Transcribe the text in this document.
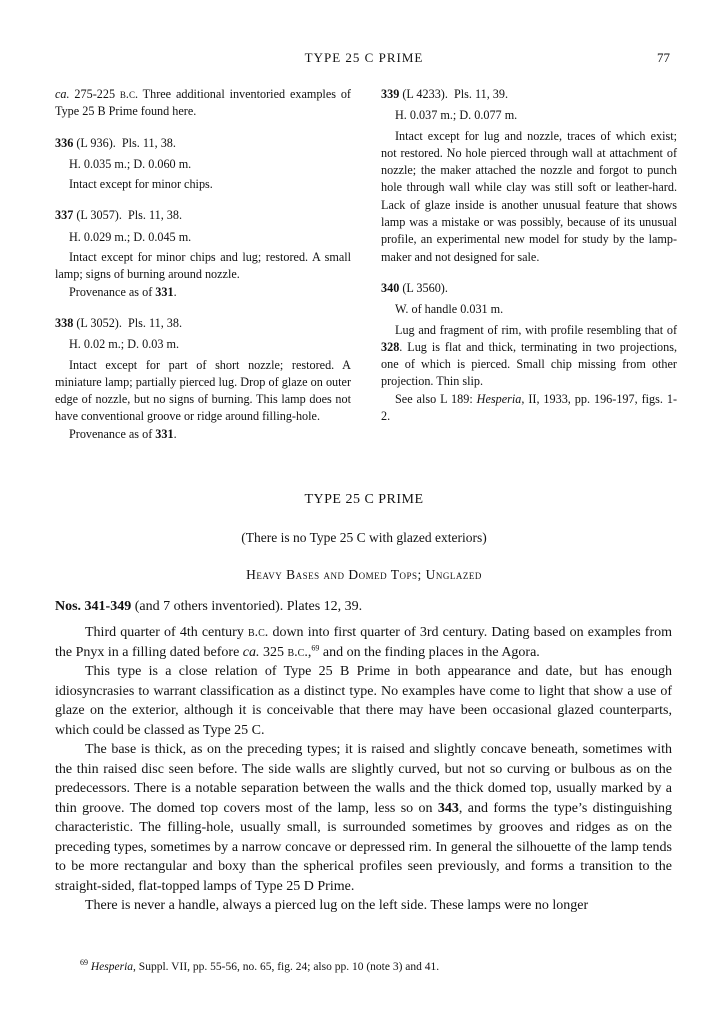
TYPE 25 C PRIME	77

ca. 275-225 b.c. Three additional inventoried examples of Type 25 B Prime found here.

336 (L 936). Pls. 11, 38.

H. 0.035 m.; D. 0.060 m.

Intact except for minor chips.

337 (L 3057). Pls. 11, 38.

H. 0.029 m.; D. 0.045 m.

Intact except for minor chips and lug; restored. A small lamp; signs of burning around nozzle.

Provenance as of 331.

338 (L 3052). Pls. 11, 38.

H. 0.02 m.; D. 0.03 m.

Intact except for part of short nozzle; restored. A miniature lamp; partially pierced lug. Drop of glaze on outer edge of nozzle, but no signs of burning. This lamp does not have conventional groove or ridge around filling-hole.

Provenance as of 331.

339 (L 4233). Pls. 11, 39.

H. 0.037 m.; D. 0.077 m.

Intact except for lug and nozzle, traces of which exist; not restored. No hole pierced through wall at attachment of nozzle; the maker attached the nozzle and forgot to punch hole through wall while clay was still soft or leather-hard. Lack of glaze inside is another unusual feature that shows lamp was a mistake or was possibly, because of its unusual profile, an experimental new model for study by the lamp-maker and not designed for sale.

340 (L 3560).

W. of handle 0.031 m.

Lug and fragment of rim, with profile resembling that of 328. Lug is flat and thick, terminating in two projections, one of which is pierced. Small chip missing from other projection. Thin slip.

See also L 189: Hesperia, II, 1933, pp. 196-197, figs. 1-2.

TYPE 25 C PRIME
(There is no Type 25 C with glazed exteriors)
Heavy Bases and Domed Tops; Unglazed
Nos. 341-349 (and 7 others inventoried). Plates 12, 39.

Third quarter of 4th century b.c. down into first quarter of 3rd century. Dating based on examples from the Pnyx in a filling dated before ca. 325 b.c.,$^{69}$ and on the finding places in the Agora.

This type is a close relation of Type 25 B Prime in both appearance and date, but has enough idiosyncrasies to warrant classification as a distinct type. No examples have come to light that show a use of glaze on the exterior, although it is conceivable that there may have been occasional glazed counterparts, which could be classed as Type 25 C.

The base is thick, as on the preceding types; it is raised and slightly concave beneath, sometimes with the thin raised disc seen before. The side walls are slightly curved, but not so curving or bulbous as on the predecessors. There is a notable separation between the walls and the thick domed top, usually marked by a thin groove. The domed top covers most of the lamp, less so on 343, and forms the type’s distinguishing characteristic. The filling-hole, usually small, is surrounded sometimes by grooves and ridges as on the preceding types, sometimes by a narrow concave or depressed rim. In general the silhouette of the lamp tends to be more rectangular and boxy than the spherical profiles seen previously, and forms a transition to the straight-sided, flat-topped lamps of Type 25 D Prime.

There is never a handle, always a pierced lug on the left side. These lamps were no longer

$^{69}$ Hesperia, Suppl. VII, pp. 55-56, no. 65, fig. 24; also pp. 10 (note 3) and 41.
